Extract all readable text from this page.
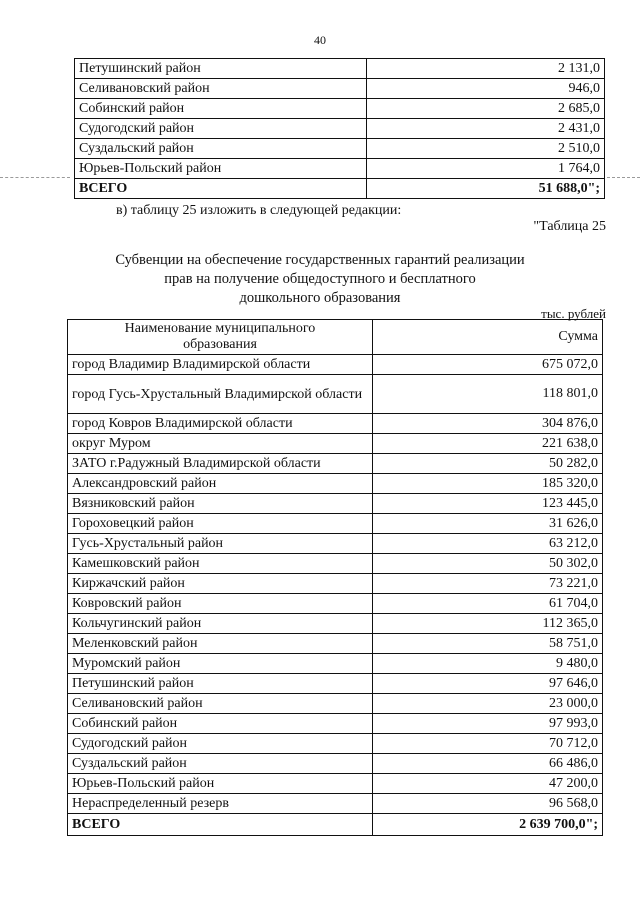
40
Петушинский район	2 131,0
Селивановский район	946,0
Собинский район	2 685,0
Судогодский район	2 431,0
Суздальский район	2 510,0
Юрьев-Польский район	1 764,0
ВСЕГО	51 688,0";
в) таблицу 25 изложить в следующей редакции:
"Таблица 25
Субвенции на обеспечение государственных гарантий реализации
прав на получение общедоступного и бесплатного
дошкольного образования
тыс. рублей
Наименование муниципального
образования	Сумма
город Владимир Владимирской области	675 072,0
город Гусь-Хрустальный Владимирской области	118 801,0
город Ковров Владимирской области	304 876,0
округ Муром	221 638,0
ЗАТО г.Радужный Владимирской области	50 282,0
Александровский район	185 320,0
Вязниковский район	123 445,0
Гороховецкий район	31 626,0
Гусь-Хрустальный район	63 212,0
Камешковский район	50 302,0
Киржачский район	73 221,0
Ковровский район	61 704,0
Кольчугинский район	112 365,0
Меленковский район	58 751,0
Муромский район	9 480,0
Петушинский район	97 646,0
Селивановский район	23 000,0
Собинский район	97 993,0
Судогодский район	70 712,0
Суздальский район	66 486,0
Юрьев-Польский район	47 200,0
Нераспределенный резерв	96 568,0
ВСЕГО	2 639 700,0";
